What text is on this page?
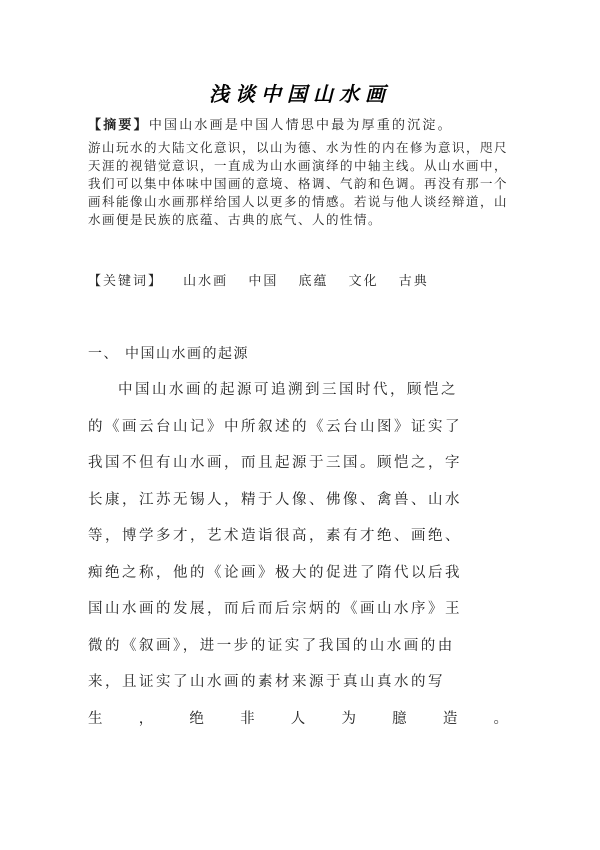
浅谈中国山水画
【摘要】中国山水画是中国人情思中最为厚重的沉淀。
游山玩水的大陆文化意识，以山为德、水为性的内在修为意识，咫尺天涯的视错觉意识，一直成为山水画演绎的中轴主线。从山水画中，我们可以集中体味中国画的意境、格调、气韵和色调。再没有那一个画科能像山水画那样给国人以更多的情感。若说与他人谈经辩道，山水画便是民族的底蕴、古典的底气、人的性情。
【关键词】 山水画 中国 底蕴 文化 古典
一、 中国山水画的起源
中国山水画的起源可追溯到三国时代，顾恺之
的《画云台山记》中所叙述的《云台山图》证实了
我国不但有山水画，而且起源于三国。顾恺之，字
长康，江苏无锡人，精于人像、佛像、禽兽、山水
等，博学多才，艺术造诣很高，素有才绝、画绝、
痴绝之称，他的《论画》极大的促进了隋代以后我
国山水画的发展，而后而后宗炳的《画山水序》王
微的《叙画》，进一步的证实了我国的山水画的由
来，且证实了山水画的素材来源于真山真水的写
生 ， 绝 非 人 为 臆 造 。
